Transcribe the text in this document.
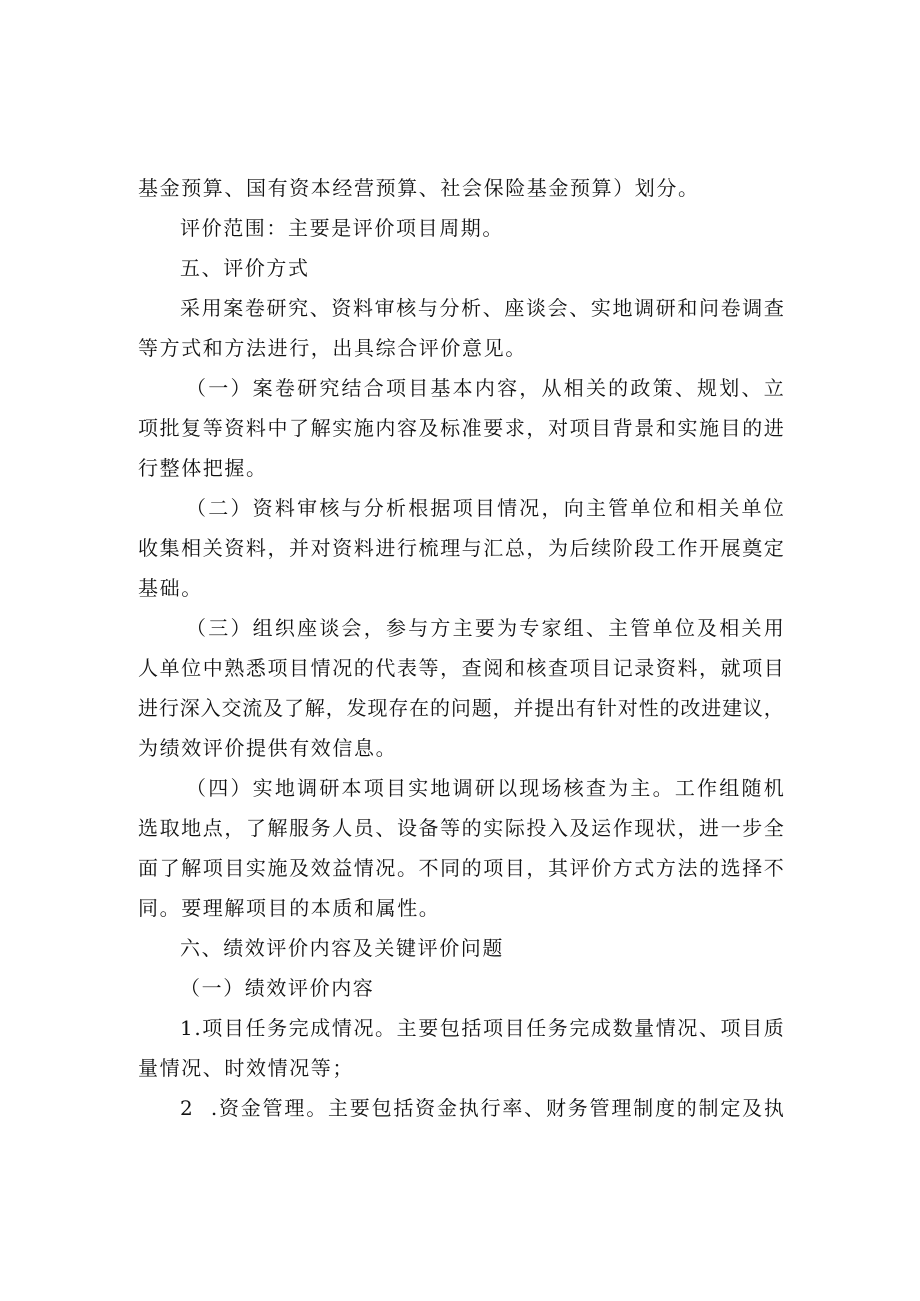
基金预算、国有资本经营预算、社会保险基金预算）划分。

评价范围：主要是评价项目周期。

五、评价方式

采 用 案 卷 研 究 、 资 料 审 核 与 分 析 、 座 谈 会 、 实 地 调 研 和 问 卷 调 查

等方式和方法进行，出具综合评价意见。

（ 一 ） 案 卷 研 究 结 合 项 目 基 本 内 容 ， 从 相 关 的 政 策 、 规 划 、 立

项 批 复 等 资 料 中 了 解 实 施 内 容 及 标 准 要 求 ， 对 项 目 背 景 和 实 施 目 的 进

行整体把握。

（ 二 ） 资 料 审 核 与 分 析 根 据 项 目 情 况 ， 向 主 管 单 位 和 相 关 单 位

收 集 相 关 资 料 ， 并 对 资 料 进 行 梳 理 与 汇 总 ， 为 后 续 阶 段 工 作 开 展 奠 定

基础。

（ 三 ） 组 织 座 谈 会 ， 参 与 方 主 要 为 专 家 组 、 主 管 单 位 及 相 关 用

人 单 位 中 熟 悉 项 目 情 况 的 代 表 等 ， 查 阅 和 核 查 项 目 记 录 资 料 ， 就 项 目

进 行 深 入 交 流 及 了 解 ， 发 现 存 在 的 问 题 ， 并 提 出 有 针 对 性 的 改 进 建 议 ，

为绩效评价提供有效信息。

（ 四 ） 实 地 调 研 本 项 目 实 地 调 研 以 现 场 核 查 为 主 。 工 作 组 随 机

选 取 地 点 ， 了 解 服 务 人 员 、 设 备 等 的 实 际 投 入 及 运 作 现 状 ， 进 一 步 全

面 了 解 项 目 实 施 及 效 益 情 况 。 不 同 的 项 目 ， 其 评 价 方 式 方 法 的 选 择 不

同。要理解项目的本质和属性。

六、绩效评价内容及关键评价问题

（一）绩效评价内容

1 . 项 目 任 务 完 成 情 况 。 主 要 包 括 项 目 任 务 完 成 数 量 情 况 、 项 目 质

量情况、时效情况等；

2

. 资 金 管 理 。 主 要 包 括 资 金 执 行 率 、 财 务 管 理 制 度 的 制 定 及 执
